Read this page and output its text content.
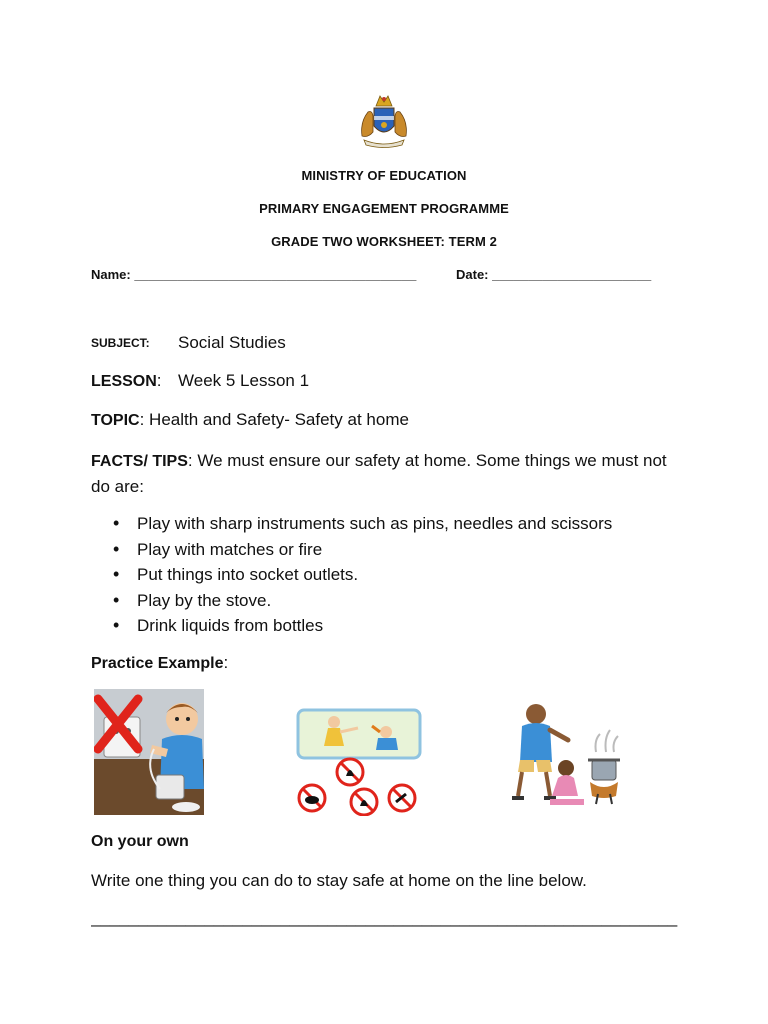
MINISTRY OF EDUCATION
PRIMARY ENGAGEMENT PROGRAMME
GRADE TWO WORKSHEET: TERM 2
Name: _______________________________________	Date: ______________________
SUBJECT: Social Studies
LESSON: Week 5 Lesson 1
TOPIC: Health and Safety- Safety at home
FACTS/ TIPS: We must ensure our safety at home. Some things we must not do are:
• Play with sharp instruments such as pins, needles and scissors
• Play with matches or fire
• Put things into socket outlets.
• Play by the stove.
• Drink liquids from bottles
Practice Example:
On your own
Write one thing you can do to stay safe at home on the line below.
______________________________________________________________
